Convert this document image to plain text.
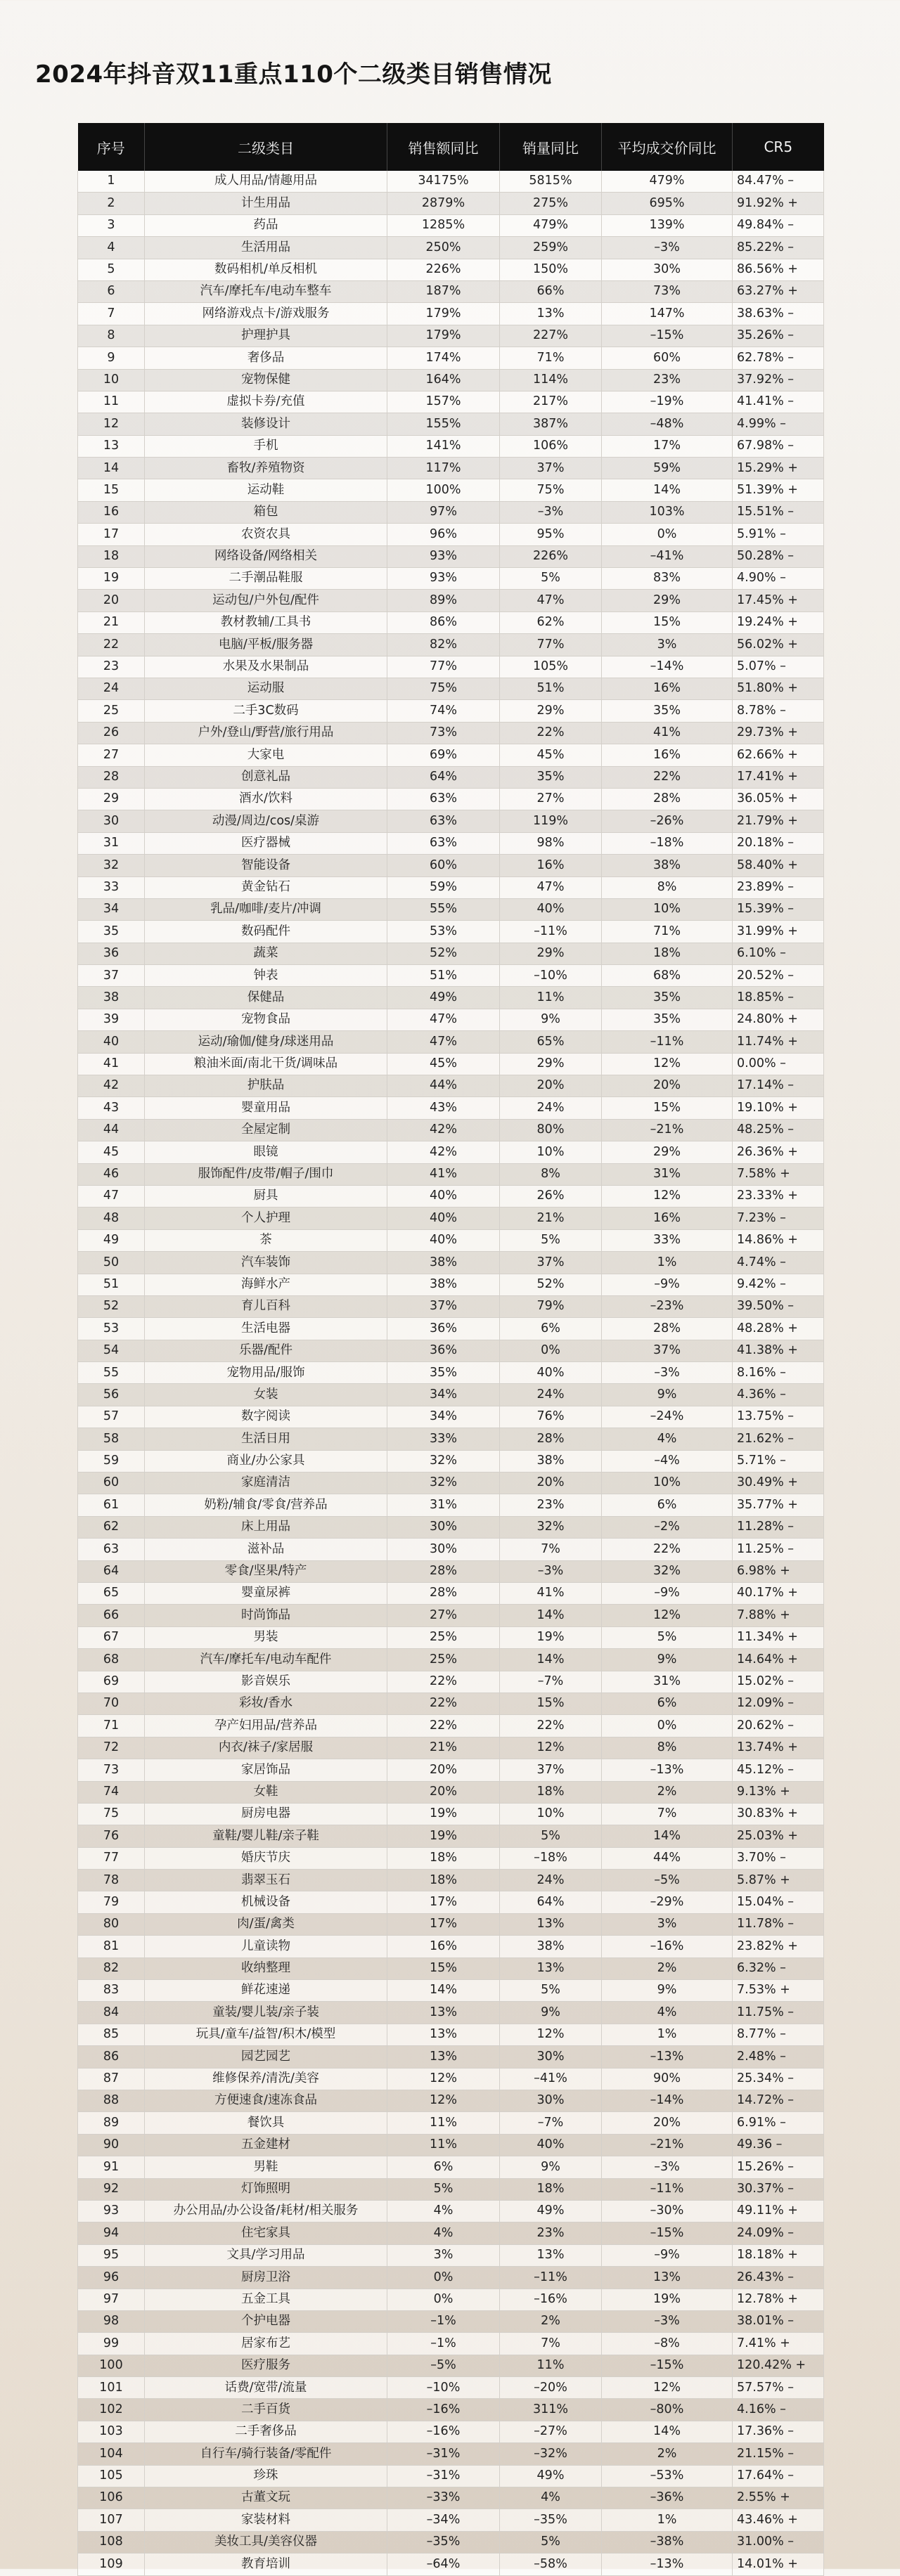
2024年抖音双11重点110个二级类目销售情况
序号	二级类目	销售额同比	销量同比	平均成交价同比	CR5
1	成人用品/情趣用品	34175%	5815%	479%	84.47% –
2	计生用品	2879%	275%	695%	91.92% +
3	药品	1285%	479%	139%	49.84% –
4	生活用品	250%	259%	–3%	85.22% –
5	数码相机/单反相机	226%	150%	30%	86.56% +
6	汽车/摩托车/电动车整车	187%	66%	73%	63.27% +
7	网络游戏点卡/游戏服务	179%	13%	147%	38.63% –
8	护理护具	179%	227%	–15%	35.26% –
9	奢侈品	174%	71%	60%	62.78% –
10	宠物保健	164%	114%	23%	37.92% –
11	虚拟卡券/充值	157%	217%	–19%	41.41% –
12	装修设计	155%	387%	–48%	4.99% –
13	手机	141%	106%	17%	67.98% –
14	畜牧/养殖物资	117%	37%	59%	15.29% +
15	运动鞋	100%	75%	14%	51.39% +
16	箱包	97%	–3%	103%	15.51% –
17	农资农具	96%	95%	0%	5.91% –
18	网络设备/网络相关	93%	226%	–41%	50.28% –
19	二手潮品鞋服	93%	5%	83%	4.90% –
20	运动包/户外包/配件	89%	47%	29%	17.45% +
21	教材教辅/工具书	86%	62%	15%	19.24% +
22	电脑/平板/服务器	82%	77%	3%	56.02% +
23	水果及水果制品	77%	105%	–14%	5.07% –
24	运动服	75%	51%	16%	51.80% +
25	二手3C数码	74%	29%	35%	8.78% –
26	户外/登山/野营/旅行用品	73%	22%	41%	29.73% +
27	大家电	69%	45%	16%	62.66% +
28	创意礼品	64%	35%	22%	17.41% +
29	酒水/饮料	63%	27%	28%	36.05% +
30	动漫/周边/cos/桌游	63%	119%	–26%	21.79% +
31	医疗器械	63%	98%	–18%	20.18% –
32	智能设备	60%	16%	38%	58.40% +
33	黄金钻石	59%	47%	8%	23.89% –
34	乳品/咖啡/麦片/冲调	55%	40%	10%	15.39% –
35	数码配件	53%	–11%	71%	31.99% +
36	蔬菜	52%	29%	18%	6.10% –
37	钟表	51%	–10%	68%	20.52% –
38	保健品	49%	11%	35%	18.85% –
39	宠物食品	47%	9%	35%	24.80% +
40	运动/瑜伽/健身/球迷用品	47%	65%	–11%	11.74% +
41	粮油米面/南北干货/调味品	45%	29%	12%	0.00% –
42	护肤品	44%	20%	20%	17.14% –
43	婴童用品	43%	24%	15%	19.10% +
44	全屋定制	42%	80%	–21%	48.25% –
45	眼镜	42%	10%	29%	26.36% +
46	服饰配件/皮带/帽子/围巾	41%	8%	31%	7.58% +
47	厨具	40%	26%	12%	23.33% +
48	个人护理	40%	21%	16%	7.23% –
49	茶	40%	5%	33%	14.86% +
50	汽车装饰	38%	37%	1%	4.74% –
51	海鲜水产	38%	52%	–9%	9.42% –
52	育儿百科	37%	79%	–23%	39.50% –
53	生活电器	36%	6%	28%	48.28% +
54	乐器/配件	36%	0%	37%	41.38% +
55	宠物用品/服饰	35%	40%	–3%	8.16% –
56	女装	34%	24%	9%	4.36% –
57	数字阅读	34%	76%	–24%	13.75% –
58	生活日用	33%	28%	4%	21.62% –
59	商业/办公家具	32%	38%	–4%	5.71% –
60	家庭清洁	32%	20%	10%	30.49% +
61	奶粉/辅食/零食/营养品	31%	23%	6%	35.77% +
62	床上用品	30%	32%	–2%	11.28% –
63	滋补品	30%	7%	22%	11.25% –
64	零食/坚果/特产	28%	–3%	32%	6.98% +
65	婴童尿裤	28%	41%	–9%	40.17% +
66	时尚饰品	27%	14%	12%	7.88% +
67	男装	25%	19%	5%	11.34% +
68	汽车/摩托车/电动车配件	25%	14%	9%	14.64% +
69	影音娱乐	22%	–7%	31%	15.02% –
70	彩妆/香水	22%	15%	6%	12.09% –
71	孕产妇用品/营养品	22%	22%	0%	20.62% –
72	内衣/袜子/家居服	21%	12%	8%	13.74% +
73	家居饰品	20%	37%	–13%	45.12% –
74	女鞋	20%	18%	2%	9.13% +
75	厨房电器	19%	10%	7%	30.83% +
76	童鞋/婴儿鞋/亲子鞋	19%	5%	14%	25.03% +
77	婚庆节庆	18%	–18%	44%	3.70% –
78	翡翠玉石	18%	24%	–5%	5.87% +
79	机械设备	17%	64%	–29%	15.04% –
80	肉/蛋/禽类	17%	13%	3%	11.78% –
81	儿童读物	16%	38%	–16%	23.82% +
82	收纳整理	15%	13%	2%	6.32% –
83	鲜花速递	14%	5%	9%	7.53% +
84	童装/婴儿装/亲子装	13%	9%	4%	11.75% –
85	玩具/童车/益智/积木/模型	13%	12%	1%	8.77% –
86	园艺园艺	13%	30%	–13%	2.48% –
87	维修保养/清洗/美容	12%	–41%	90%	25.34% –
88	方便速食/速冻食品	12%	30%	–14%	14.72% –
89	餐饮具	11%	–7%	20%	6.91% –
90	五金建材	11%	40%	–21%	49.36 –
91	男鞋	6%	9%	–3%	15.26% –
92	灯饰照明	5%	18%	–11%	30.37% –
93	办公用品/办公设备/耗材/相关服务	4%	49%	–30%	49.11% +
94	住宅家具	4%	23%	–15%	24.09% –
95	文具/学习用品	3%	13%	–9%	18.18% +
96	厨房卫浴	0%	–11%	13%	26.43% –
97	五金工具	0%	–16%	19%	12.78% +
98	个护电器	–1%	2%	–3%	38.01% –
99	居家布艺	–1%	7%	–8%	7.41% +
100	医疗服务	–5%	11%	–15%	120.42% +
101	话费/宽带/流量	–10%	–20%	12%	57.57% –
102	二手百货	–16%	311%	–80%	4.16% –
103	二手奢侈品	–16%	–27%	14%	17.36% –
104	自行车/骑行装备/零配件	–31%	–32%	2%	21.15% –
105	珍珠	–31%	49%	–53%	17.64% –
106	古董文玩	–33%	4%	–36%	2.55% +
107	家装材料	–34%	–35%	1%	43.46% +
108	美妆工具/美容仪器	–35%	5%	–38%	31.00% –
109	教育培训	–64%	–58%	–13%	14.01% +
